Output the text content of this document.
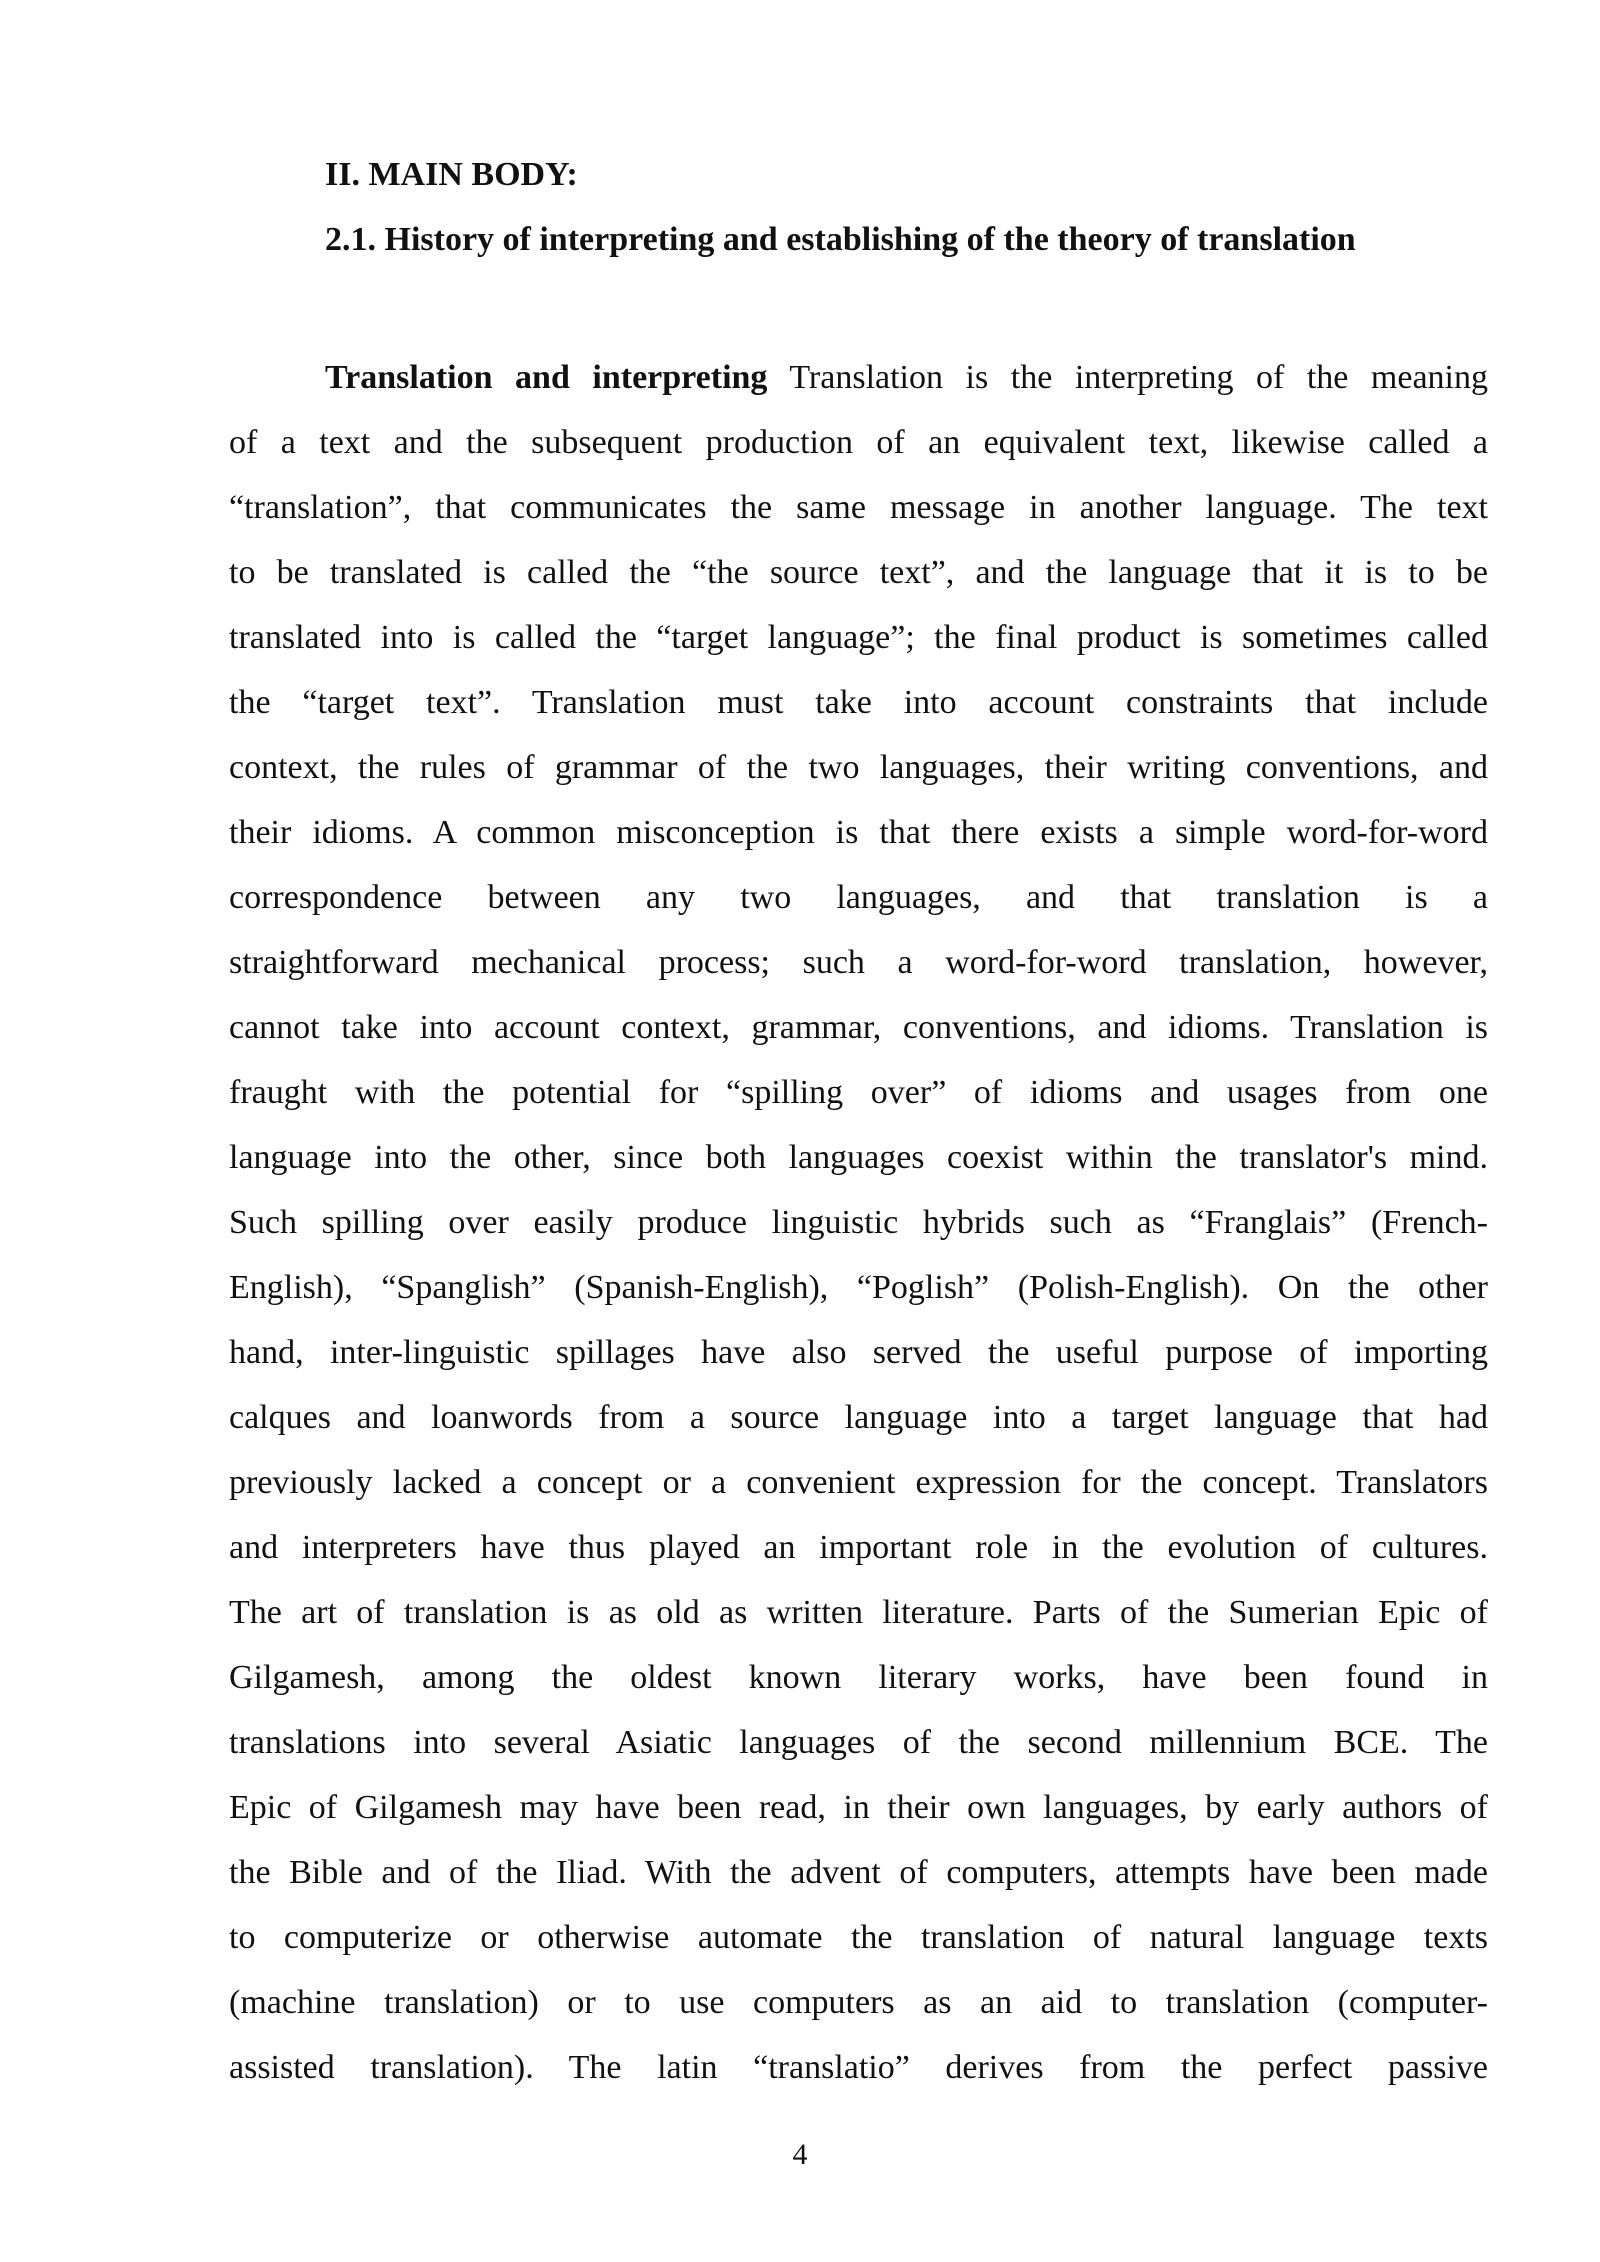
II. MAIN BODY:
2.1. History of interpreting and establishing of the theory of translation
Translation and interpreting Translation is the interpreting of the meaning
of a text and the subsequent production of an equivalent text, likewise called a
“translation”, that communicates the same message in another language. The text
to be translated is called the “the source text”, and the language that it is to be
translated into is called the “target language”; the final product is sometimes called
the “target text”. Translation must take into account constraints that include
context, the rules of grammar of the two languages, their writing conventions, and
their idioms. A common misconception is that there exists a simple word-for-word
correspondence between any two languages, and that translation is a
straightforward mechanical process; such a word-for-word translation, however,
cannot take into account context, grammar, conventions, and idioms. Translation is
fraught with the potential for “spilling over” of idioms and usages from one
language into the other, since both languages coexist within the translator's mind.
Such spilling over easily produce linguistic hybrids such as “Franglais” (French-
English), “Spanglish” (Spanish-English), “Poglish” (Polish-English). On the other
hand, inter-linguistic spillages have also served the useful purpose of importing
calques and loanwords from a source language into a target language that had
previously lacked a concept or a convenient expression for the concept. Translators
and interpreters have thus played an important role in the evolution of cultures.
The art of translation is as old as written literature. Parts of the Sumerian Epic of
Gilgamesh, among the oldest known literary works, have been found in
translations into several Asiatic languages of the second millennium BCE. The
Epic of Gilgamesh may have been read, in their own languages, by early authors of
the Bible and of the Iliad. With the advent of computers, attempts have been made
to computerize or otherwise automate the translation of natural language texts
(machine translation) or to use computers as an aid to translation (computer-
assisted translation). The latin “translatio” derives from the perfect passive
4
